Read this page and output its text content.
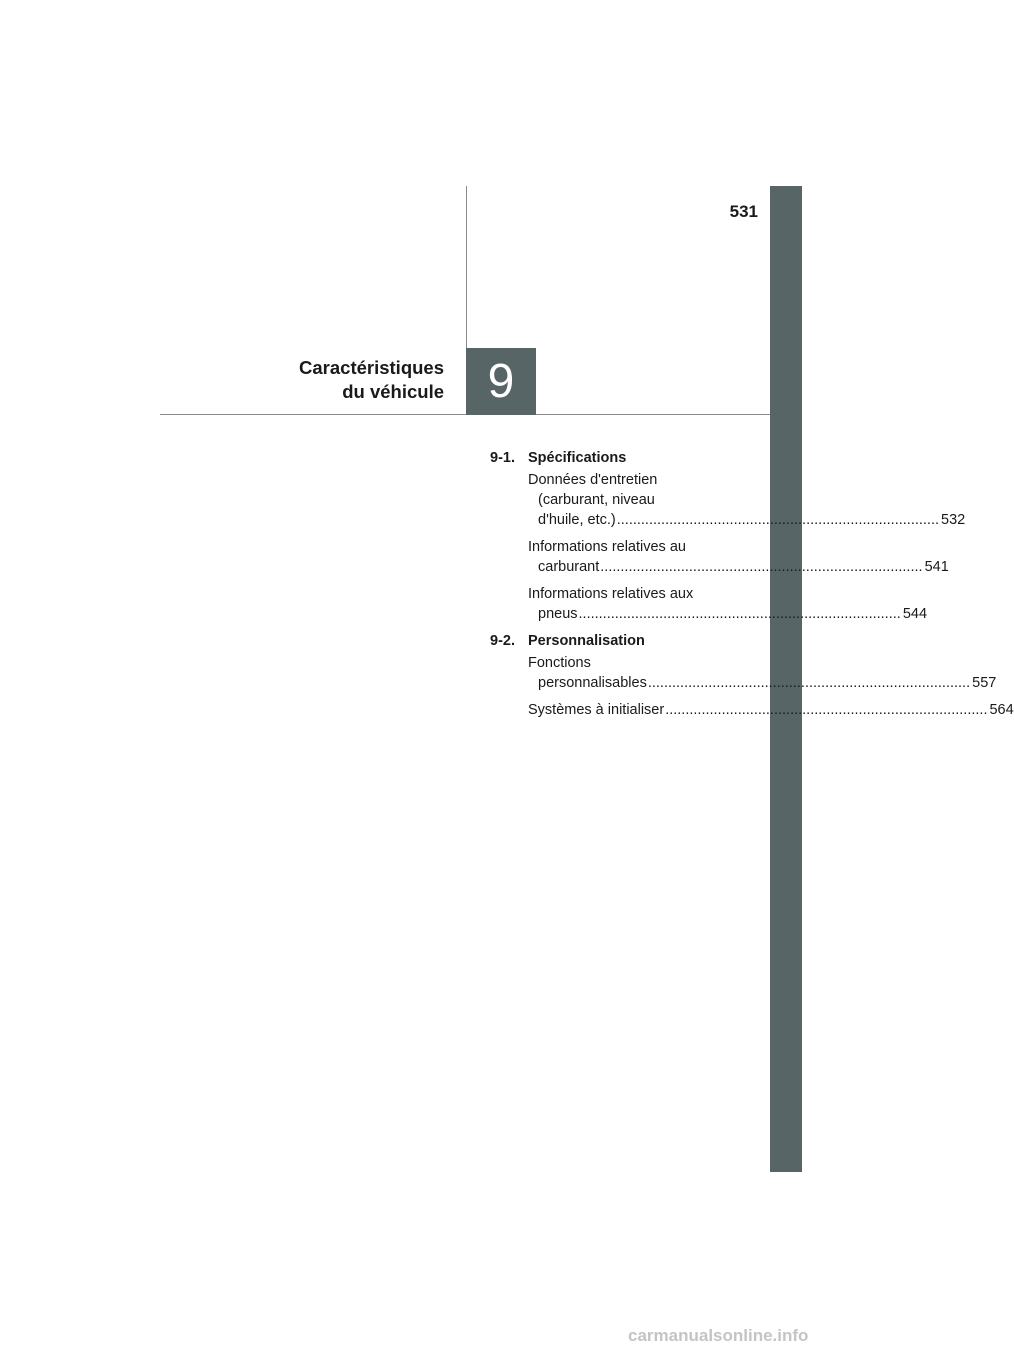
531
Caractéristiques
du véhicule 9
9-1. Spécifications
Données d'entretien
(carburant, niveau
d'huile, etc.) ................................................................................ 532
Informations relatives au
carburant ................................................................................ 541
Informations relatives aux
pneus ................................................................................ 544
9-2. Personnalisation
Fonctions
personnalisables ................................................................................ 557
Systèmes à initialiser ................................................................................ 564
carmanualsonline.info
